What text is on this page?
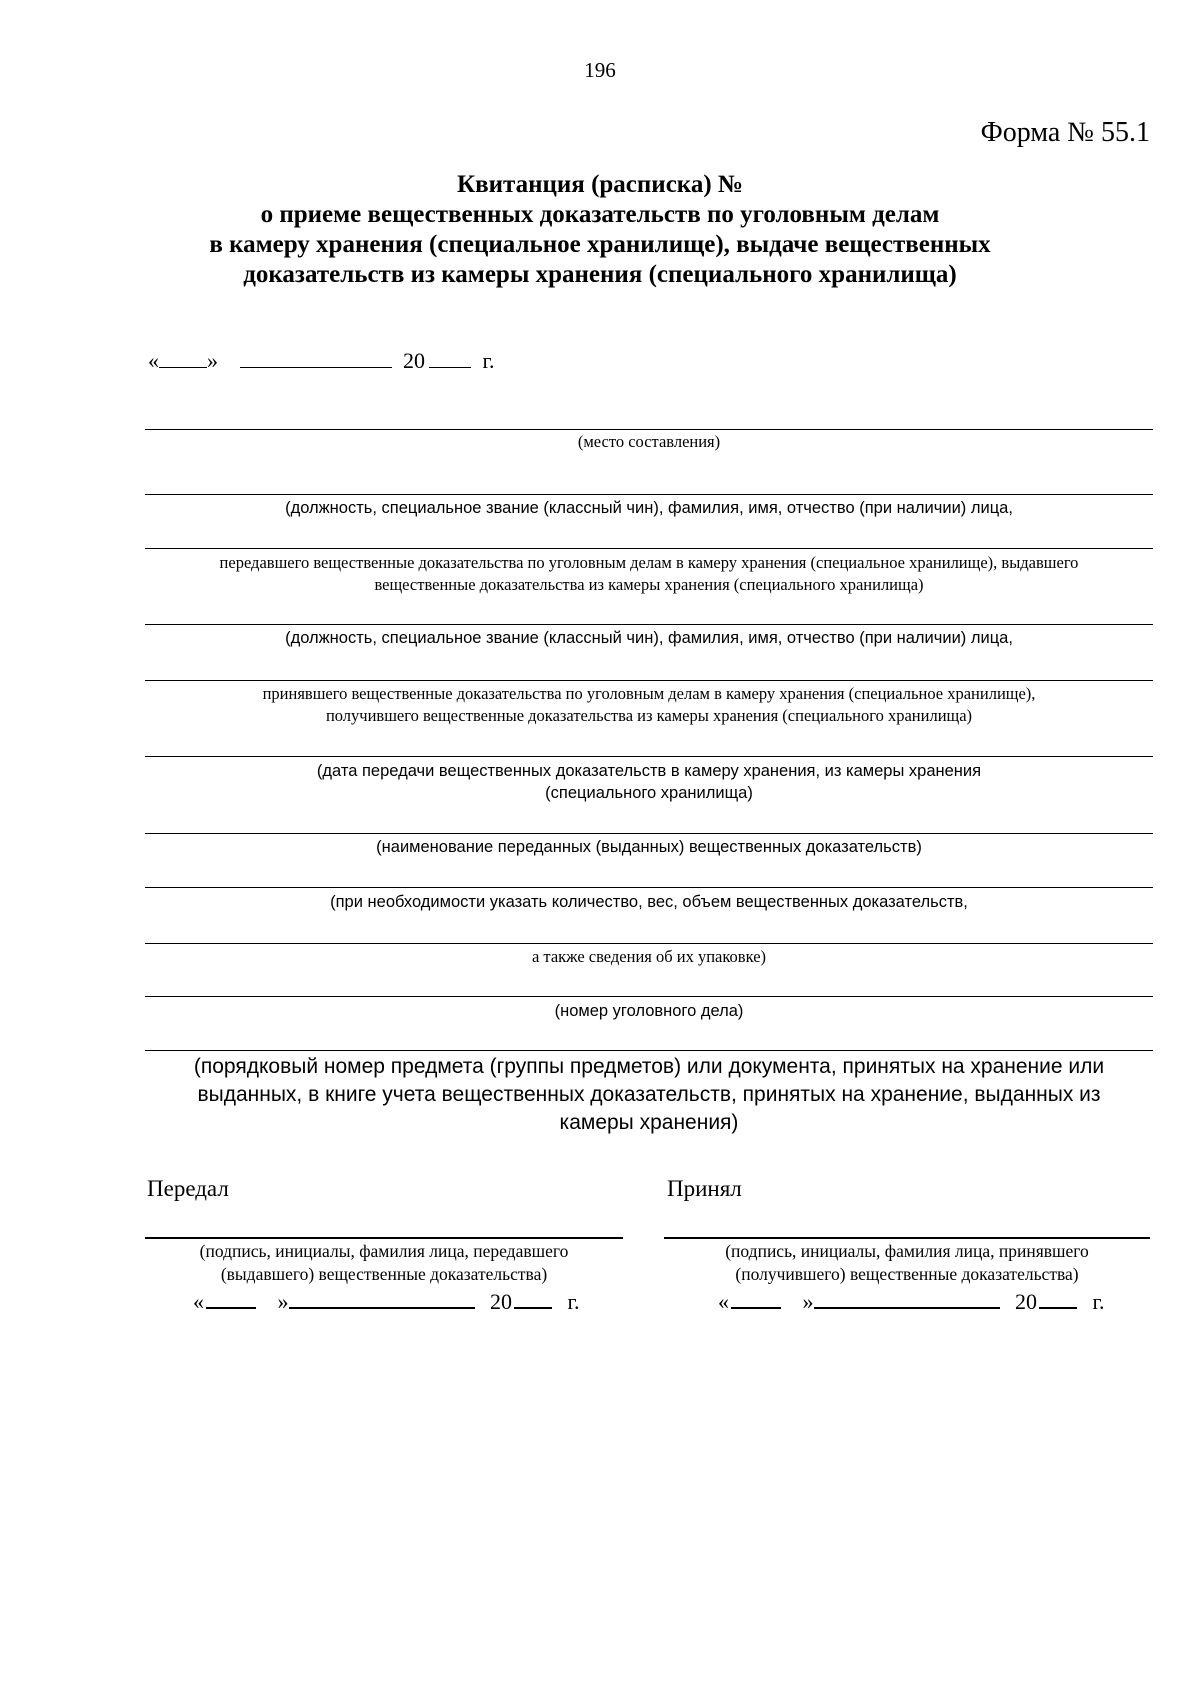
196
Форма № 55.1
Квитанция (расписка) №
о приеме вещественных доказательств по уголовным делам
в камеру хранения (специальное хранилище), выдаче вещественных
доказательств из камеры хранения (специального хранилища)
« »	20	г.
(место составления)
(должность, специальное звание (классный чин), фамилия, имя, отчество (при наличии) лица,
передавшего вещественные доказательства по уголовным делам в камеру хранения (специальное хранилище), выдавшего
вещественные доказательства из камеры хранения (специального хранилища)
(должность, специальное звание (классный чин), фамилия, имя, отчество (при наличии) лица,
принявшего вещественные доказательства по уголовным делам в камеру хранения (специальное хранилище),
получившего вещественные доказательства из камеры хранения (специального хранилища)
(дата передачи вещественных доказательств в камеру хранения, из камеры хранения
(специального хранилища)
(наименование переданных (выданных) вещественных доказательств)
(при необходимости указать количество, вес, объем вещественных доказательств,
а также сведения об их упаковке)
(номер уголовного дела)
(порядковый номер предмета (группы предметов) или документа, принятых на хранение или
выданных, в книге учета вещественных доказательств, принятых на хранение, выданных из
камеры хранения)
Передал	Принял
(подпись, инициалы, фамилия лица, передавшего
(выдавшего) вещественные доказательства)
(подпись, инициалы, фамилия лица, принявшего
(получившего) вещественные доказательства)
«	»	20	г.	«	»	20	г.
